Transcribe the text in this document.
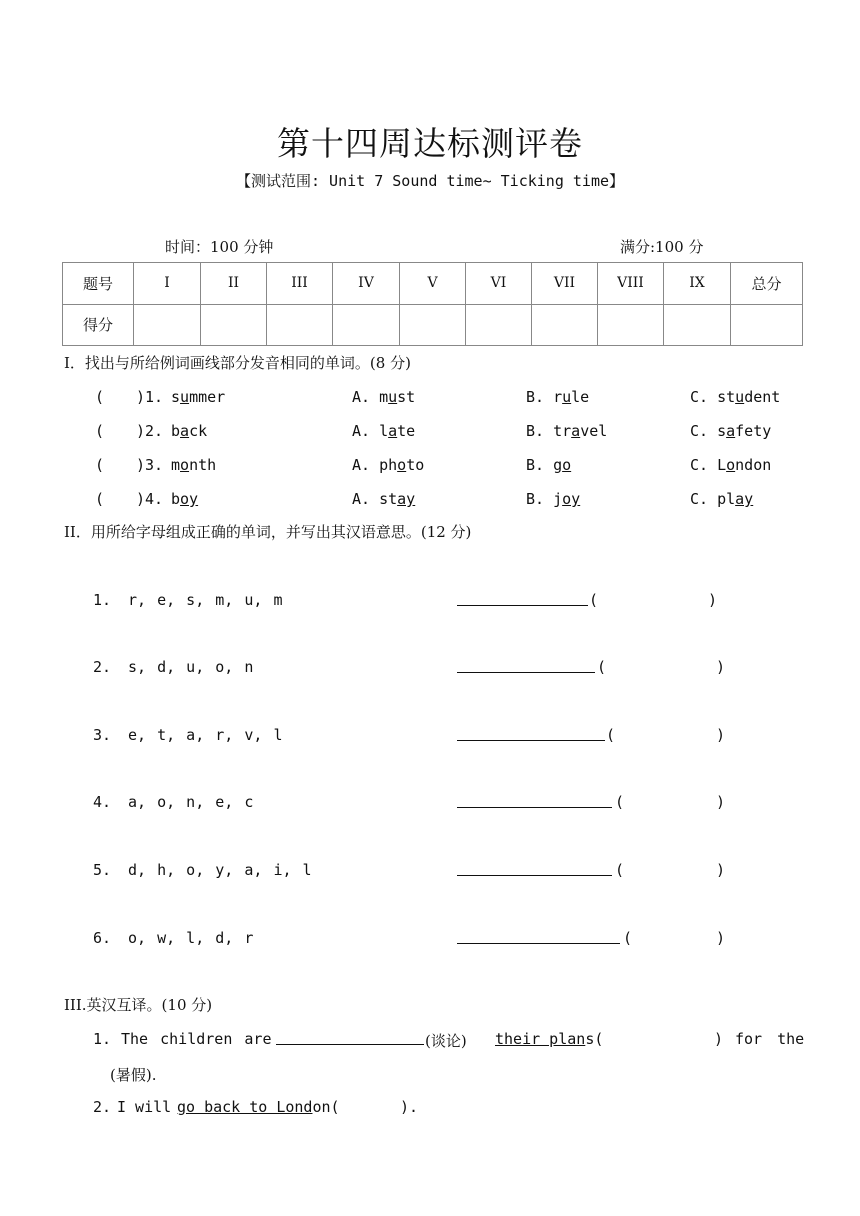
第十四周达标测评卷
【测试范围: Unit 7 Sound time~ Ticking time】
时间：100 分钟	满分:100 分
题号	I	II	III	IV	V	VI	VII	VIII	IX	总分
得分										
I．找出与所给例词画线部分发音相同的单词。(8 分)
( )1. summer	A. must	B. rule	C. student
( )2. back	A. late	B. travel	C. safety
( )3. month	A. photo	B. go	C. London
( )4. boy	A. stay	B. joy	C. play
II．用所给字母组成正确的单词，并写出其汉语意思。(12 分)
1. r, e, s, m, u, m	(	)
2. s, d, u, o, n	(	)
3. e, t, a, r, v, l	(	)
4. a, o, n, e, c	(	)
5. d, h, o, y, a, i, l	(	)
6. o, w, l, d, r	(	)
III.英汉互译。(10 分)
1. The children are	(谈论) their plans(	) for the
(暑假).
2. I will go back to London(	).
